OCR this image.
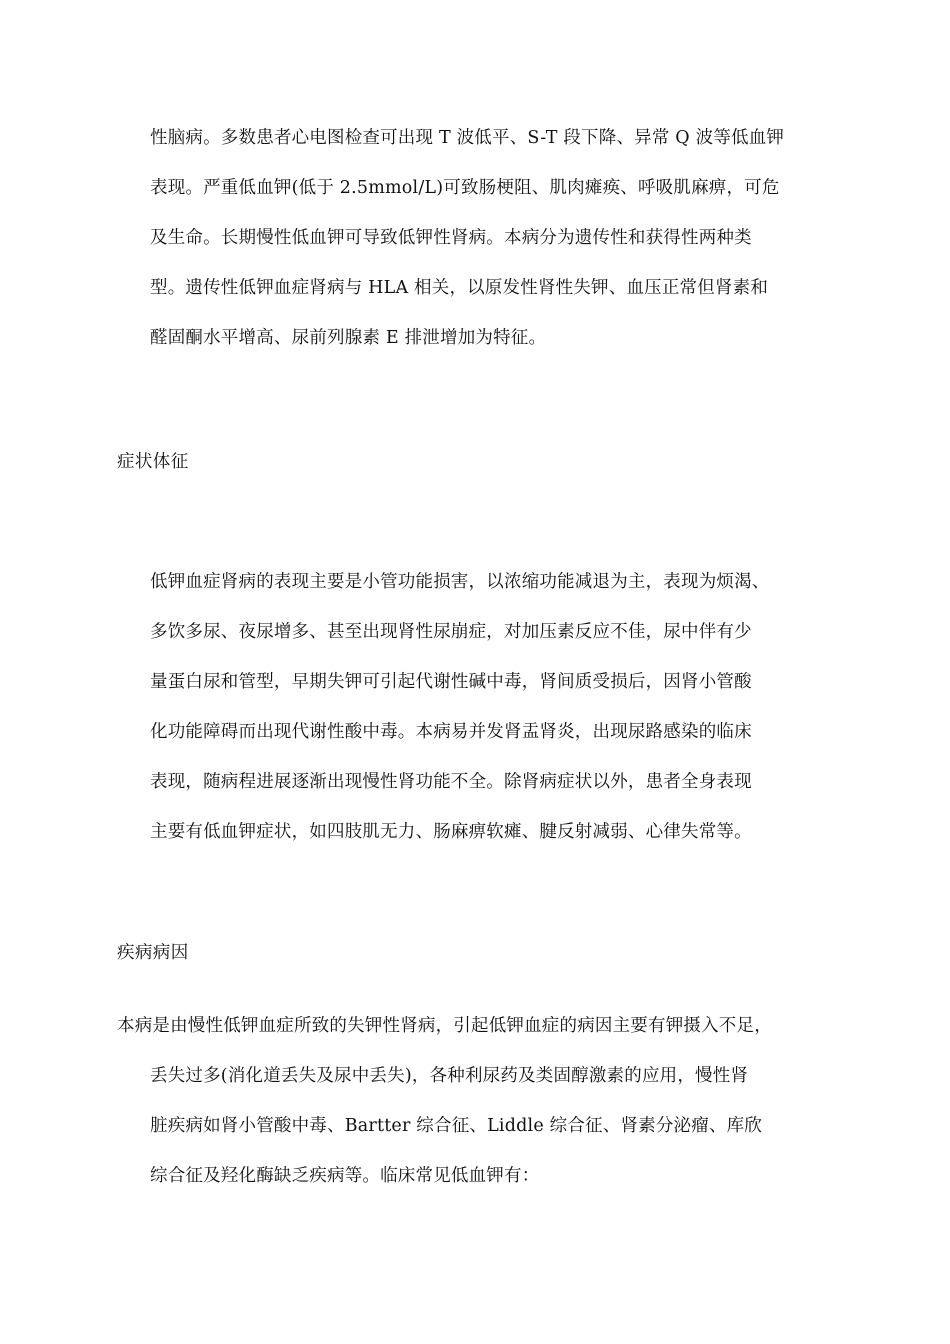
性脑病。多数患者心电图检查可出现 T 波低平、S-T 段下降、异常 Q 波等低血钾
表现。严重低血钾(低于 2.5mmol/L)可致肠梗阻、肌肉瘫痪、呼吸肌麻痹，可危
及生命。长期慢性低血钾可导致低钾性肾病。本病分为遗传性和获得性两种类
型。遗传性低钾血症肾病与 HLA 相关，以原发性肾性失钾、血压正常但肾素和
醛固酮水平增高、尿前列腺素 E 排泄增加为特征。
症状体征
低钾血症肾病的表现主要是小管功能损害，以浓缩功能减退为主，表现为烦渴、
多饮多尿、夜尿增多、甚至出现肾性尿崩症，对加压素反应不佳，尿中伴有少
量蛋白尿和管型，早期失钾可引起代谢性碱中毒，肾间质受损后，因肾小管酸
化功能障碍而出现代谢性酸中毒。本病易并发肾盂肾炎，出现尿路感染的临床
表现，随病程进展逐渐出现慢性肾功能不全。除肾病症状以外，患者全身表现
主要有低血钾症状，如四肢肌无力、肠麻痹软瘫、腱反射减弱、心律失常等。
疾病病因
本病是由慢性低钾血症所致的失钾性肾病，引起低钾血症的病因主要有钾摄入不足，
丢失过多(消化道丢失及尿中丢失)，各种利尿药及类固醇激素的应用，慢性肾
脏疾病如肾小管酸中毒、Bartter 综合征、Liddle 综合征、肾素分泌瘤、库欣
综合征及羟化酶缺乏疾病等。临床常见低血钾有：
